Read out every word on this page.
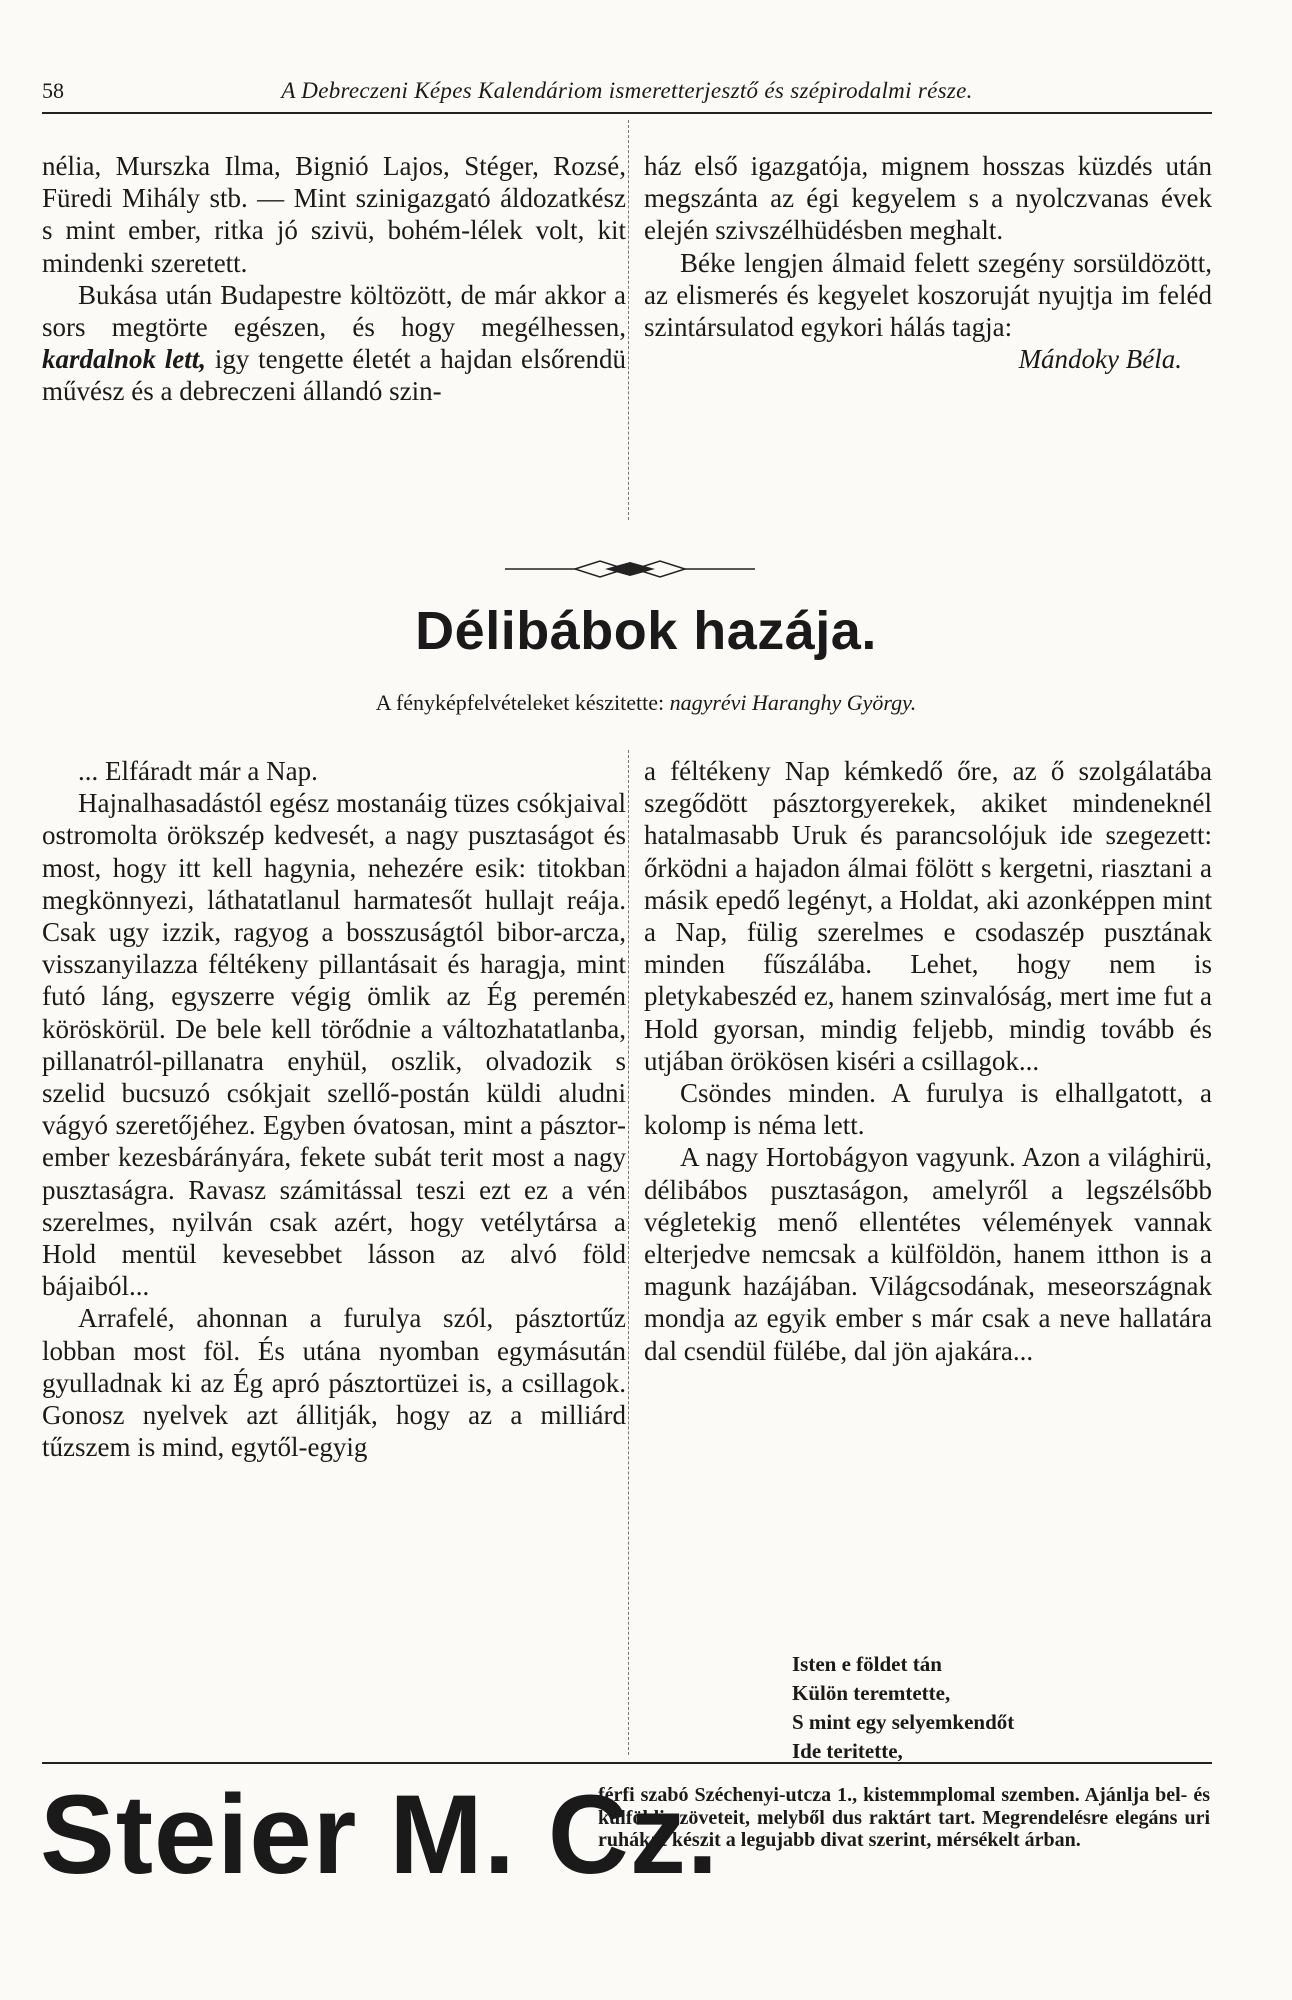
58	A Debreczeni Képes Kalendáriom ismeretterjesztő és szépirodalmi része.

nélia, Murszka Ilma, Bignió Lajos, Stéger, Rozsé, Füredi Mihály stb. — Mint szinigazgató áldozatkész s mint ember, ritka jó szivü, bohém-lélek volt, kit mindenki szeretett.

Bukása után Budapestre költözött, de már akkor a sors megtörte egészen, és hogy megélhessen, kardalnok lett, igy tengette életét a hajdan elsőrendü művész és a debreczeni állandó szin-

ház első igazgatója, mignem hosszas küzdés után megszánta az égi kegyelem s a nyolczvanas évek elején szivszélhüdésben meghalt.

Béke lengjen álmaid felett szegény sorsüldözött, az elismerés és kegyelet koszoruját nyujtja im feléd szintársulatod egykori hálás tagja:

Mándoky Béla.
Délibábok hazája.
A fényképfelvételeket készitette: nagyrévi Haranghy György.

... Elfáradt már a Nap.

Hajnalhasadástól egész mostanáig tüzes csókjaival ostromolta örökszép kedvesét, a nagy pusztaságot és most, hogy itt kell hagynia, nehezére esik: titokban megkönnyezi, láthatatlanul harmatesőt hullajt reája. Csak ugy izzik, ragyog a bosszuságtól bibor-arcza, visszanyilazza féltékeny pillantásait és haragja, mint futó láng, egyszerre végig ömlik az Ég peremén köröskörül. De bele kell törődnie a változhatatlanba, pillanatról-pillanatra enyhül, oszlik, olvadozik s szelid bucsuzó csókjait szellő-postán küldi aludni vágyó szeretőjéhez. Egyben óvatosan, mint a pásztor-ember kezesbárányára, fekete subát terit most a nagy pusztaságra. Ravasz számitással teszi ezt ez a vén szerelmes, nyilván csak azért, hogy vetélytársa a Hold mentül kevesebbet lásson az alvó föld bájaiból...

Arrafelé, ahonnan a furulya szól, pásztortűz lobban most föl. És utána nyomban egymásután gyulladnak ki az Ég apró pásztortüzei is, a csillagok. Gonosz nyelvek azt állitják, hogy az a milliárd tűzszem is mind, egytől-egyig

a féltékeny Nap kémkedő őre, az ő szolgálatába szegődött pásztorgyerekek, akiket mindeneknél hatalmasabb Uruk és parancsolójuk ide szegezett: őrködni a hajadon álmai fölött s kergetni, riasztani a másik epedő legényt, a Holdat, aki azonképpen mint a Nap, fülig szerelmes e csodaszép pusztának minden fűszálába. Lehet, hogy nem is pletykabeszéd ez, hanem szinvalóság, mert ime fut a Hold gyorsan, mindig feljebb, mindig tovább és utjában örökösen kiséri a csillagok...

Csöndes minden. A furulya is elhallgatott, a kolomp is néma lett.

A nagy Hortobágyon vagyunk. Azon a világhirü, délibábos pusztaságon, amelyről a legszélsőbb végletekig menő ellentétes vélemények vannak elterjedve nemcsak a külföldön, hanem itthon is a magunk hazájában. Világcsodának, meseországnak mondja az egyik ember s már csak a neve hallatára dal csendül fülébe, dal jön ajakára...

Isten e földet tán
Külön teremtette,
S mint egy selyemkendőt
Ide teritette,
Steier M. Cz.

férfi szabó Széchenyi-utcza 1., kistemmplomal szemben. Ajánlja bel- és külföldi szöveteit, melyből dus raktárt tart. Megrendelésre elegáns uri ruhákat készit a legujabb divat szerint, mérsékelt árban.
